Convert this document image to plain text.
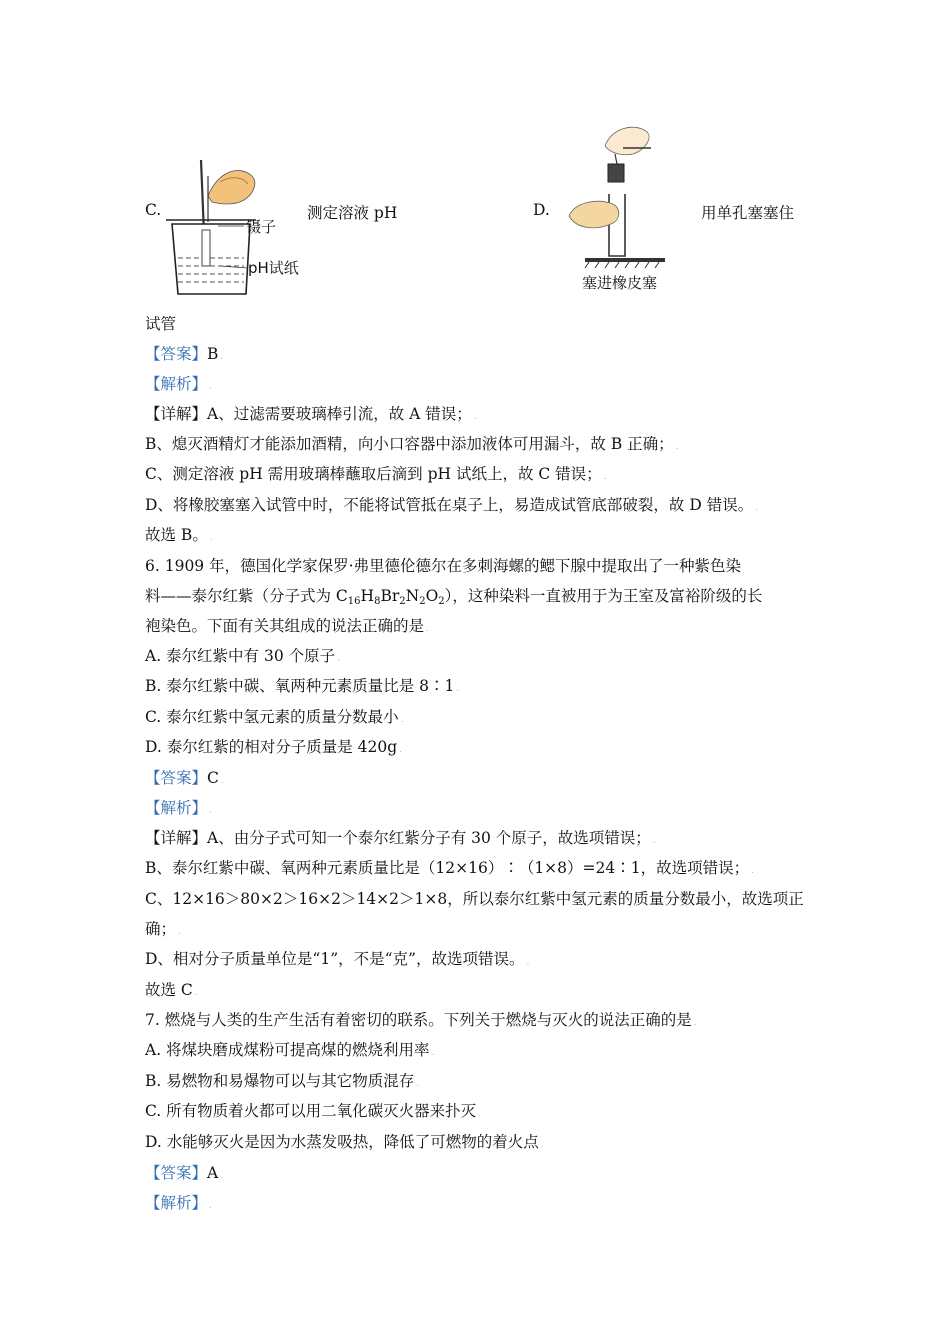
C.
镊子
pH试纸
测定溶液 pH	D.
塞进橡皮塞
用单孔塞塞住
试管
【答案】B .
【解析】 .
【详解】A、过滤需要玻璃棒引流，故 A 错误； .
B、熄灭酒精灯才能添加酒精，向小口容器中添加液体可用漏斗，故 B 正确； .
C、测定溶液 pH 需用玻璃棒蘸取后滴到 pH 试纸上，故 C 错误； .
D、将橡胶塞塞入试管中时，不能将试管抵在桌子上，易造成试管底部破裂，故 D 错误。 .
故选 B。 .
6. 1909 年，德国化学家保罗·弗里德伦德尔在多刺海螺的鳃下腺中提取出了一种紫色染
料——泰尔红紫（分子式为 $C_{16}H_8Br_2N_2O_2$），这种染料一直被用于为王室及富裕阶级的长
袍染色。下面有关其组成的说法正确的是 .
A. 泰尔红紫中有 30 个原子 .
B. 泰尔红紫中碳、氧两种元素质量比是 8∶1 .
C. 泰尔红紫中氢元素的质量分数最小 .
D. 泰尔红紫的相对分子质量是 420g .
【答案】C .
【解析】 .
【详解】A、由分子式可知一个泰尔红紫分子有 30 个原子，故选项错误； .
B、泰尔红紫中碳、氧两种元素质量比是（12×16）∶（1×8）=24∶1，故选项错误； .
C、12×16＞80×2＞16×2＞14×2＞1×8，所以泰尔红紫中氢元素的质量分数最小，故选项正
确； .
D、相对分子质量单位是“1”，不是“克”，故选项错误。 .
故选 C .
7. 燃烧与人类的生产生活有着密切的联系。下列关于燃烧与灭火的说法正确的是 .
A. 将煤块磨成煤粉可提高煤的燃烧利用率 .
B. 易燃物和易爆物可以与其它物质混存 .
C. 所有物质着火都可以用二氧化碳灭火器来扑灭 .
D. 水能够灭火是因为水蒸发吸热，降低了可燃物的着火点 .
【答案】A .
【解析】 .
